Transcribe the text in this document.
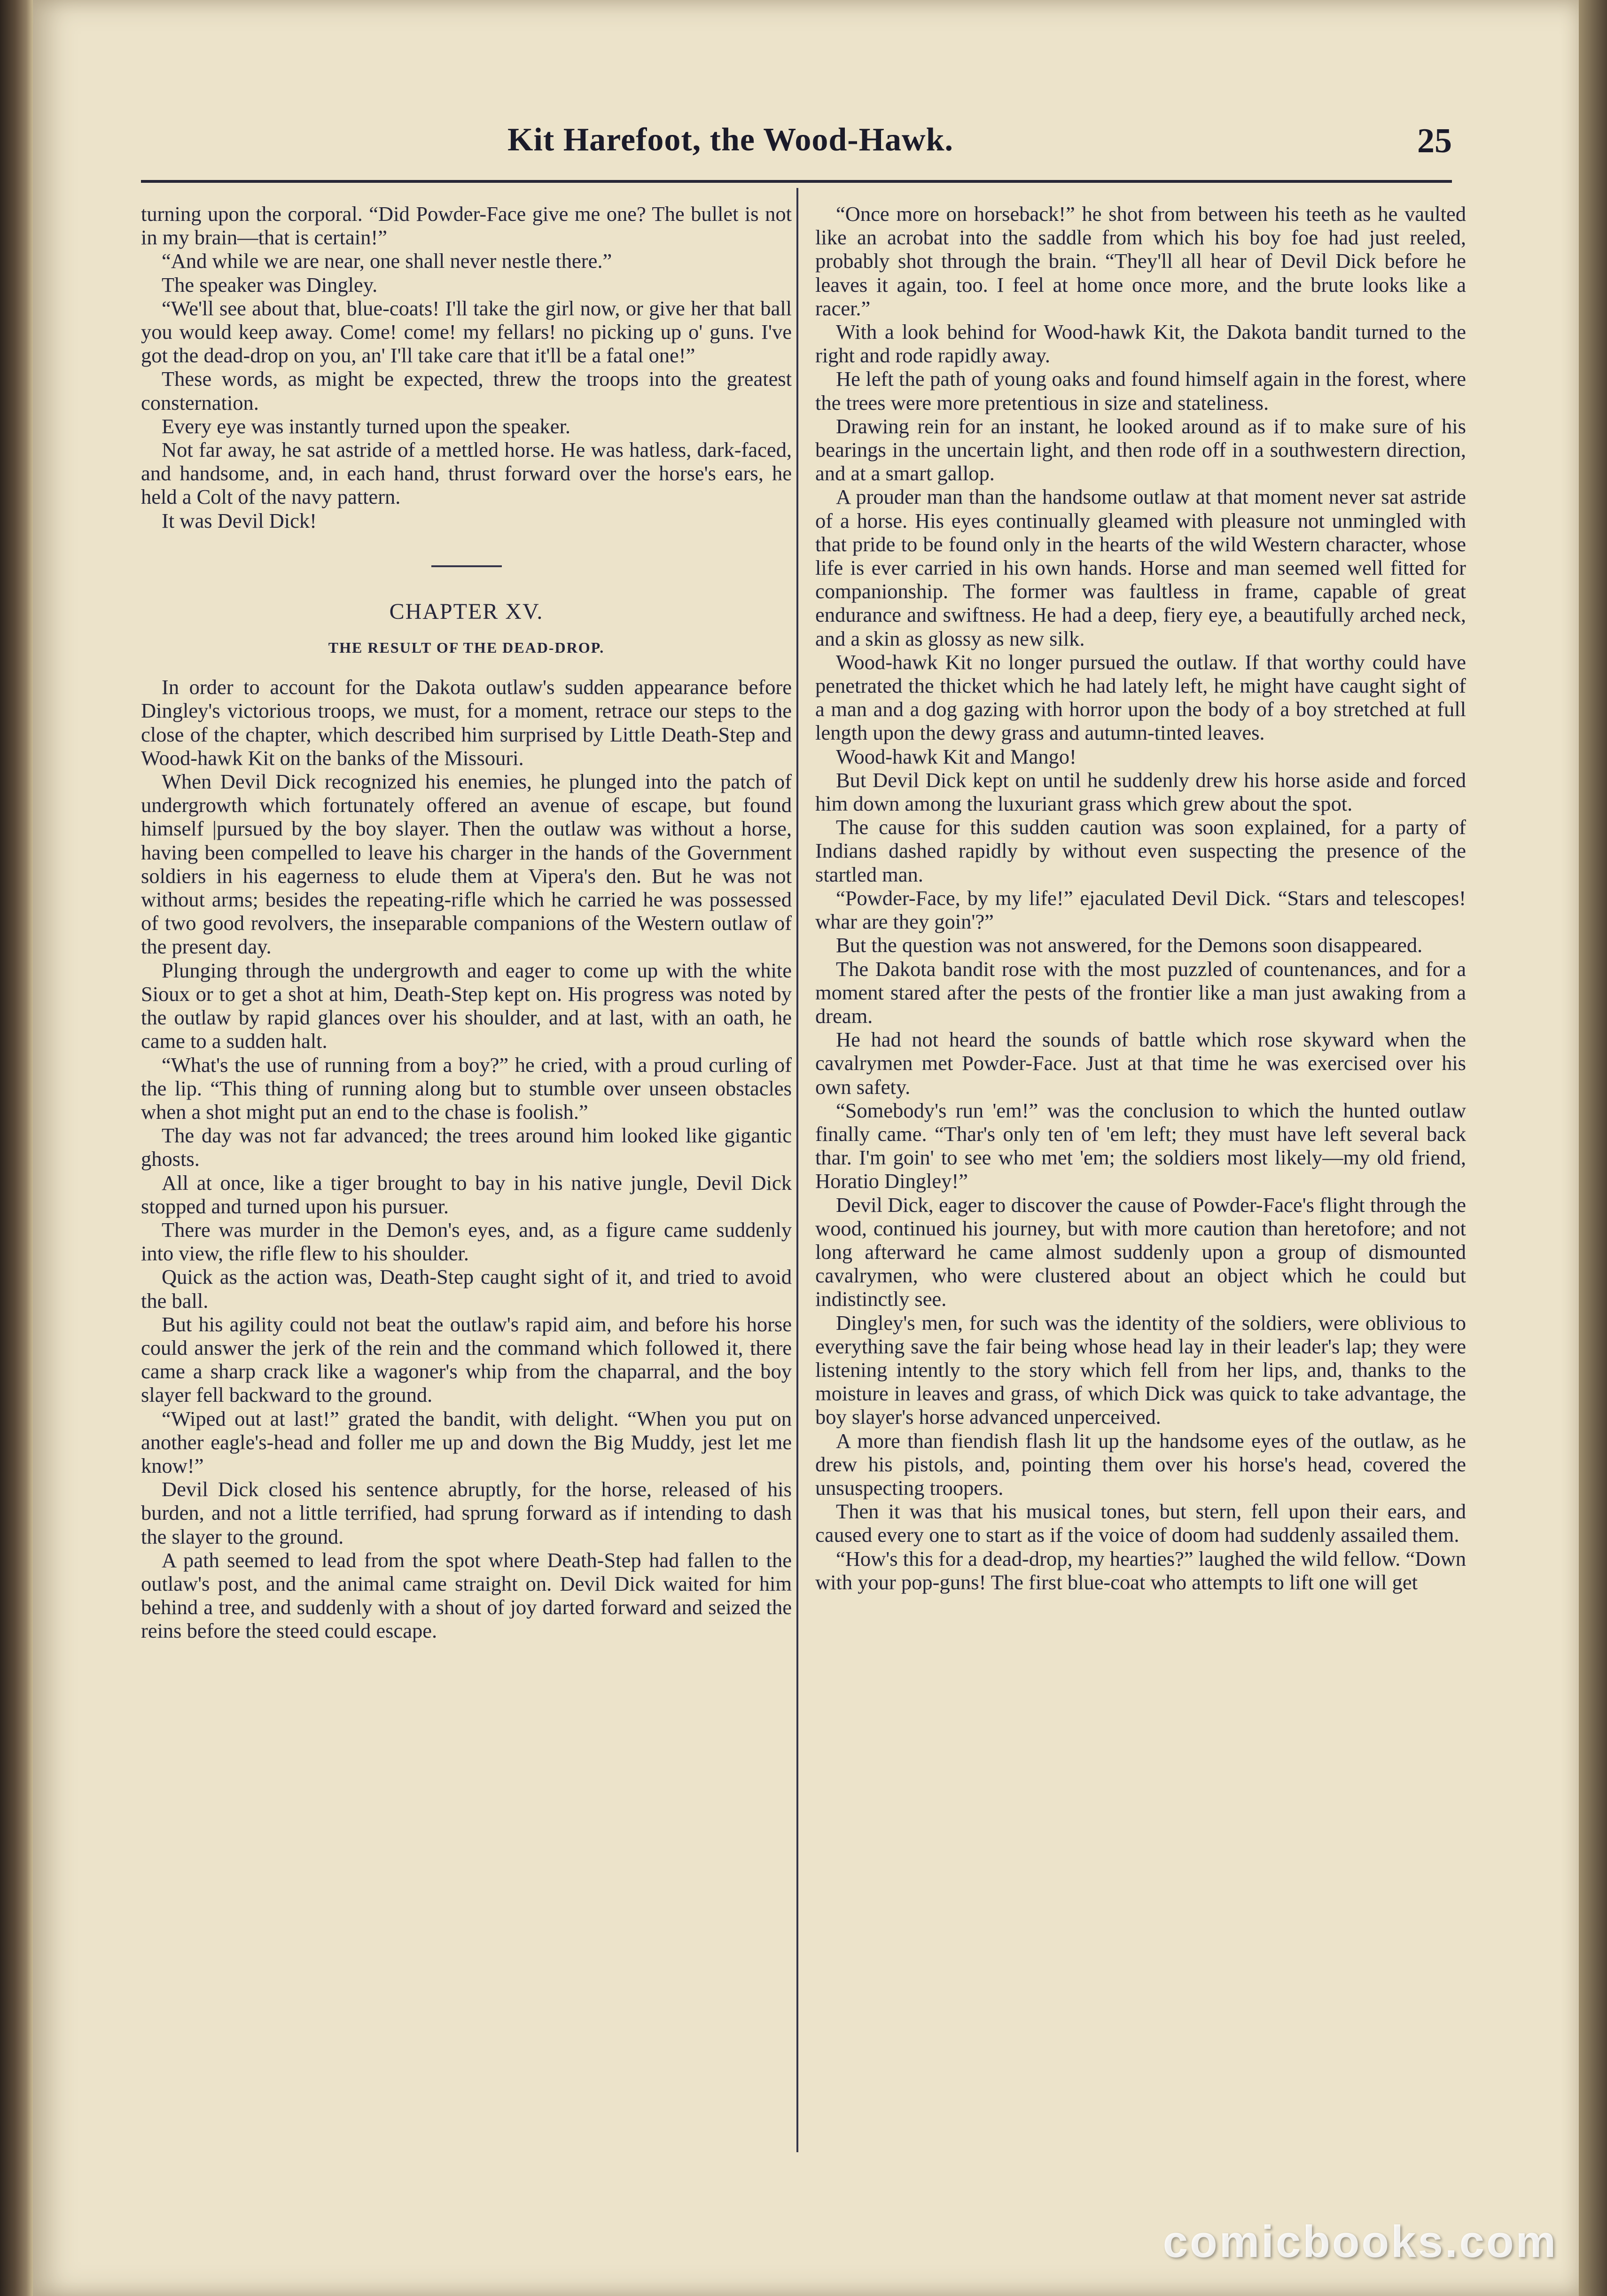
Kit Harefoot, the Wood-Hawk.	25

turning upon the corporal. “Did Powder-Face give me one? The bullet is not in my brain—that is certain!”

“And while we are near, one shall never nestle there.”

The speaker was Dingley.

“We'll see about that, blue-coats! I'll take the girl now, or give her that ball you would keep away. Come! come! my fellars! no picking up o' guns. I've got the dead-drop on you, an' I'll take care that it'll be a fatal one!”

These words, as might be expected, threw the troops into the greatest consternation.

Every eye was instantly turned upon the speaker.

Not far away, he sat astride of a mettled horse. He was hatless, dark-faced, and handsome, and, in each hand, thrust forward over the horse's ears, he held a Colt of the navy pattern.

It was Devil Dick!

CHAPTER XV.
THE RESULT OF THE DEAD-DROP.

In order to account for the Dakota outlaw's sudden appearance before Dingley's victorious troops, we must, for a moment, retrace our steps to the close of the chapter, which described him surprised by Little Death-Step and Wood-hawk Kit on the banks of the Missouri.

When Devil Dick recognized his enemies, he plunged into the patch of undergrowth which fortunately offered an avenue of escape, but found himself |pursued by the boy slayer. Then the outlaw was without a horse, having been compelled to leave his charger in the hands of the Government soldiers in his eagerness to elude them at Vipera's den. But he was not without arms; besides the repeating-rifle which he carried he was possessed of two good revolvers, the inseparable companions of the Western outlaw of the present day.

Plunging through the undergrowth and eager to come up with the white Sioux or to get a shot at him, Death-Step kept on. His progress was noted by the outlaw by rapid glances over his shoulder, and at last, with an oath, he came to a sudden halt.

“What's the use of running from a boy?” he cried, with a proud curling of the lip. “This thing of running along but to stumble over unseen obstacles when a shot might put an end to the chase is foolish.”

The day was not far advanced; the trees around him looked like gigantic ghosts.

All at once, like a tiger brought to bay in his native jungle, Devil Dick stopped and turned upon his pursuer.

There was murder in the Demon's eyes, and, as a figure came suddenly into view, the rifle flew to his shoulder.

Quick as the action was, Death-Step caught sight of it, and tried to avoid the ball.

But his agility could not beat the outlaw's rapid aim, and before his horse could answer the jerk of the rein and the command which followed it, there came a sharp crack like a wagoner's whip from the chaparral, and the boy slayer fell backward to the ground.

“Wiped out at last!” grated the bandit, with delight. “When you put on another eagle's-head and foller me up and down the Big Muddy, jest let me know!”

Devil Dick closed his sentence abruptly, for the horse, released of his burden, and not a little terrified, had sprung forward as if intending to dash the slayer to the ground.

A path seemed to lead from the spot where Death-Step had fallen to the outlaw's post, and the animal came straight on. Devil Dick waited for him behind a tree, and suddenly with a shout of joy darted forward and seized the reins before the steed could escape.

“Once more on horseback!” he shot from between his teeth as he vaulted like an acrobat into the saddle from which his boy foe had just reeled, probably shot through the brain. “They'll all hear of Devil Dick before he leaves it again, too. I feel at home once more, and the brute looks like a racer.”

With a look behind for Wood-hawk Kit, the Dakota bandit turned to the right and rode rapidly away.

He left the path of young oaks and found himself again in the forest, where the trees were more pretentious in size and stateliness.

Drawing rein for an instant, he looked around as if to make sure of his bearings in the uncertain light, and then rode off in a southwestern direction, and at a smart gallop.

A prouder man than the handsome outlaw at that moment never sat astride of a horse. His eyes continually gleamed with pleasure not unmingled with that pride to be found only in the hearts of the wild Western character, whose life is ever carried in his own hands. Horse and man seemed well fitted for companionship. The former was faultless in frame, capable of great endurance and swiftness. He had a deep, fiery eye, a beautifully arched neck, and a skin as glossy as new silk.

Wood-hawk Kit no longer pursued the outlaw. If that worthy could have penetrated the thicket which he had lately left, he might have caught sight of a man and a dog gazing with horror upon the body of a boy stretched at full length upon the dewy grass and autumn-tinted leaves.

Wood-hawk Kit and Mango!

But Devil Dick kept on until he suddenly drew his horse aside and forced him down among the luxuriant grass which grew about the spot.

The cause for this sudden caution was soon explained, for a party of Indians dashed rapidly by without even suspecting the presence of the startled man.

“Powder-Face, by my life!” ejaculated Devil Dick. “Stars and telescopes! whar are they goin'?”

But the question was not answered, for the Demons soon disappeared.

The Dakota bandit rose with the most puzzled of countenances, and for a moment stared after the pests of the frontier like a man just awaking from a dream.

He had not heard the sounds of battle which rose skyward when the cavalrymen met Powder-Face. Just at that time he was exercised over his own safety.

“Somebody's run 'em!” was the conclusion to which the hunted outlaw finally came. “Thar's only ten of 'em left; they must have left several back thar. I'm goin' to see who met 'em; the soldiers most likely—my old friend, Horatio Dingley!”

Devil Dick, eager to discover the cause of Powder-Face's flight through the wood, continued his journey, but with more caution than heretofore; and not long afterward he came almost suddenly upon a group of dismounted cavalrymen, who were clustered about an object which he could but indistinctly see.

Dingley's men, for such was the identity of the soldiers, were oblivious to everything save the fair being whose head lay in their leader's lap; they were listening intently to the story which fell from her lips, and, thanks to the moisture in leaves and grass, of which Dick was quick to take advantage, the boy slayer's horse advanced unperceived.

A more than fiendish flash lit up the handsome eyes of the outlaw, as he drew his pistols, and, pointing them over his horse's head, covered the unsuspecting troopers.

Then it was that his musical tones, but stern, fell upon their ears, and caused every one to start as if the voice of doom had suddenly assailed them.

“How's this for a dead-drop, my hearties?” laughed the wild fellow. “Down with your pop-guns! The first blue-coat who attempts to lift one will get

comicbooks.com
